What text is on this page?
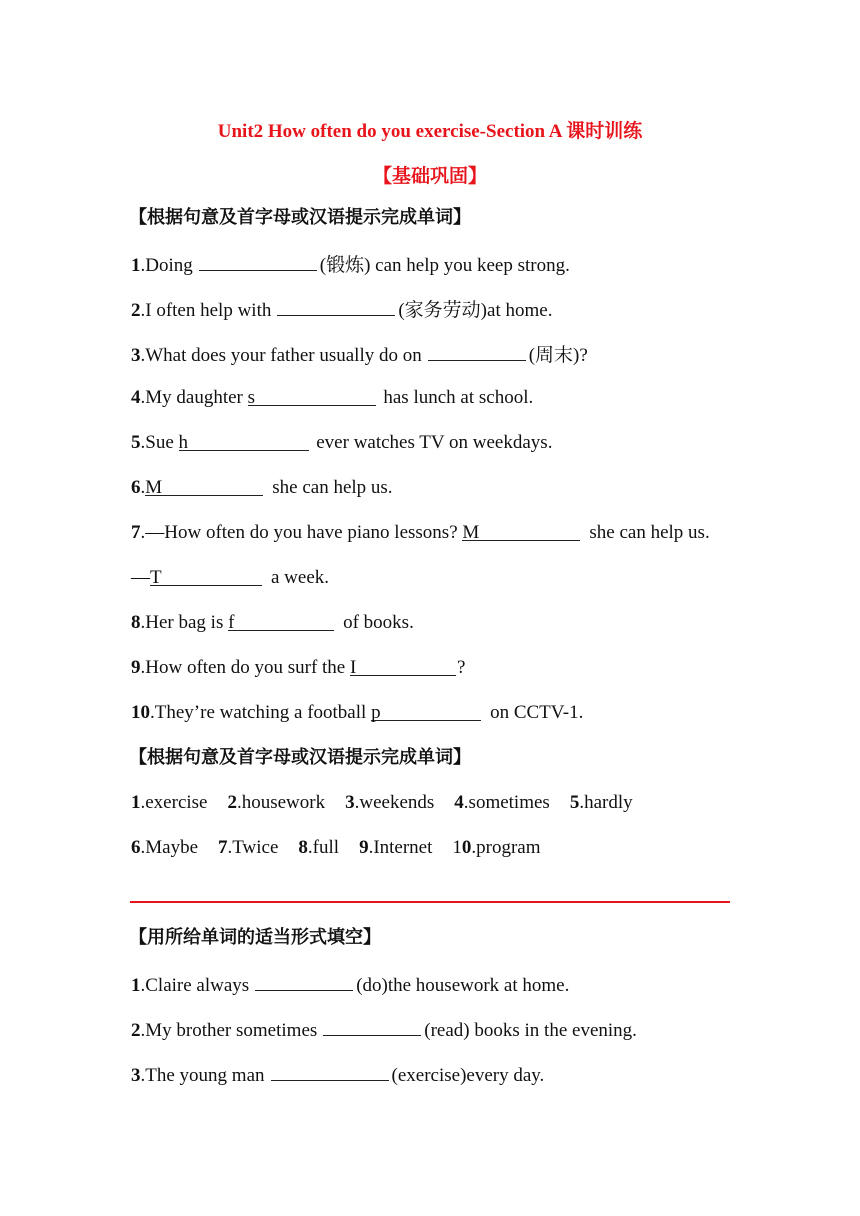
Unit2 How often do you exercise-Section A 课时训练
【基础巩固】
【根据句意及首字母或汉语提示完成单词】
1.Doing	(锻炼) can help you keep strong.
2.I often help with	(家务劳动)at home.
3.What does your father usually do on	(周末)?
4.My daughter s	has lunch at school.
5.Sue h	ever watches TV on weekdays.
6.M	she can help us.
7.—How often do you have piano lessons? M	she can help us.
—T	a week.
8.Her bag is f	of books.
9.How often do you surf the I	?
10.They’re watching a football p	on CCTV-1.
【根据句意及首字母或汉语提示完成单词】
1.exercise 2.housework 3.weekends 4.sometimes 5.hardly
6.Maybe 7.Twice 8.full 9.Internet 10.program
【用所给单词的适当形式填空】
1.Claire always	(do)the housework at home.
2.My brother sometimes	(read) books in the evening.
3.The young man	(exercise)every day.
